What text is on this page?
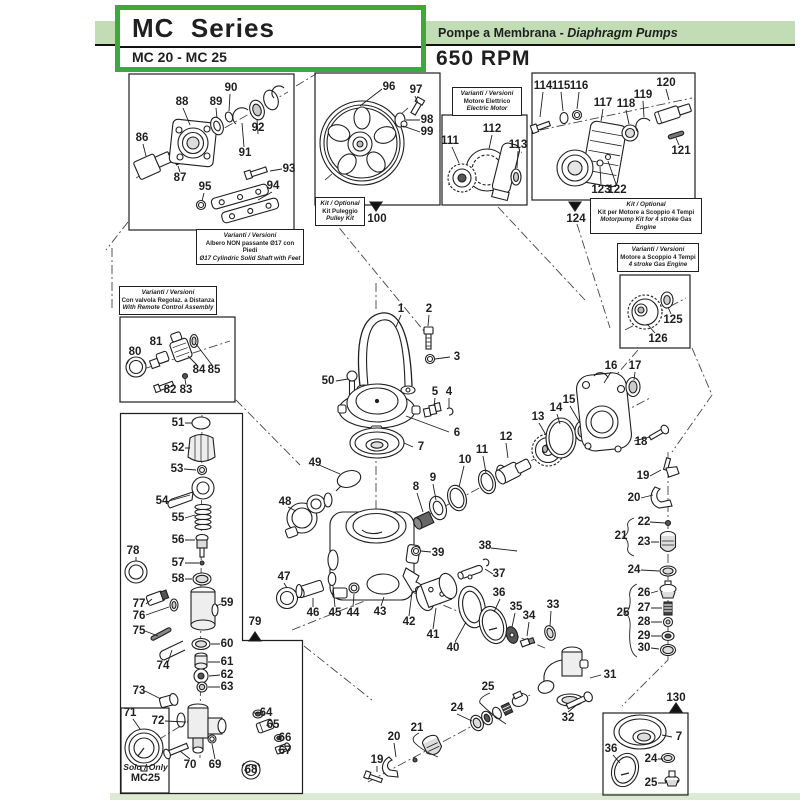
MC  Series
MC 20 - MC 25
Pompe a Membrana - Diaphragm Pumps
650 RPM
Varianti / Versioni
Albero NON passante Ø17 con Piedi
Ø17 Cylindric Solid Shaft with Feet
Kit / Optional
Kit Puleggio
Pulley Kit
Varianti / Versioni
Motore Elettrico
Electric Motor
Kit / Optional
Kit per Motore a Scoppio 4 Tempi
Motorpump Kit for 4 stroke Gas Engine
Varianti / Versioni
Motore a Scoppio 4 Tempi
4 stroke Gas Engine
Varianti / Versioni
Con valvola Regolaz. a Distanza
With Remote Control Assembly
Solo / Only
MC25
86
87
88 89
90
91
92
93
94
95
96 97
98
99
100
111
112
113
114 115 116
117 118
119
120
121
122
123
124
125
126
80
81
82 83
84 85
1 2
3
50
5 4
6
7
8
9
10
11
12
13
14
15
16 17
18
19
20
21
22
23
24
25
26
27
28
29
30
49
48
47
46 45 44 43
42
41
40
39
38
37
36
35
34
33
31
32
25
24
21
20
19
51
52
53
54
55
56
57
58
59
60
61
62
63
64
65
66
67
68
69
70
71
72
73
74
75
76
77
78
79
130
7
36
24
25
